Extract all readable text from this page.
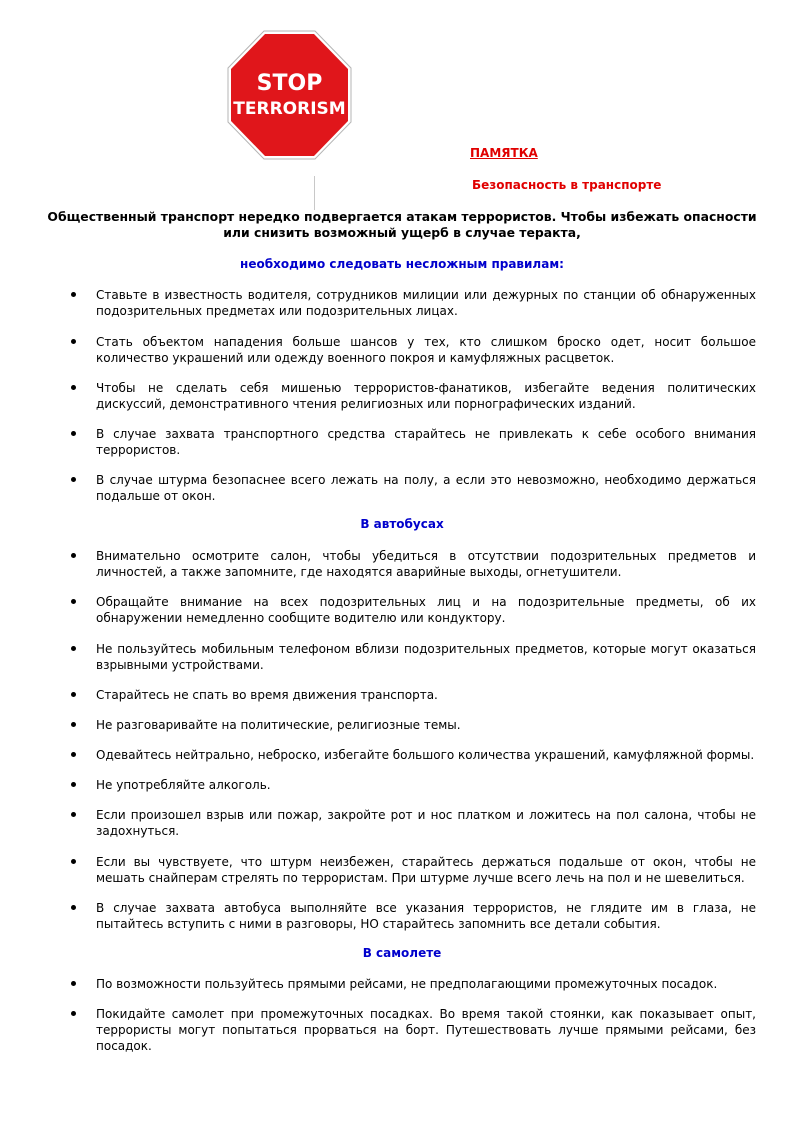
STOP
TERRORISM
ПАМЯТКА
Безопасность в транспорте
Общественный транспорт нередко подвергается атакам террористов. Чтобы избежать опасности или снизить возможный ущерб в случае теракта,
необходимо следовать несложным правилам:
Ставьте в известность водителя, сотрудников милиции или дежурных по станции об обнаруженных подозрительных предметах или подозрительных лицах.
Стать объектом нападения больше шансов у тех, кто слишком броско одет, носит большое количество украшений или одежду военного покроя и камуфляжных расцветок.
Чтобы не сделать себя мишенью террористов-фанатиков, избегайте ведения политических дискуссий, демонстративного чтения религиозных или порнографических изданий.
В случае захвата транспортного средства старайтесь не привлекать к себе особого внимания террористов.
В случае штурма безопаснее всего лежать на полу, а если это невозможно, необходимо держаться подальше от окон.
В автобусах
Внимательно осмотрите салон, чтобы убедиться в отсутствии подозрительных предметов и личностей, а также запомните, где находятся аварийные выходы, огнетушители.
Обращайте внимание на всех подозрительных лиц и на подозрительные предметы, об их обнаружении немедленно сообщите водителю или кондуктору.
Не пользуйтесь мобильным телефоном вблизи подозрительных предметов, которые могут оказаться взрывными устройствами.
Старайтесь не спать во время движения транспорта.
Не разговаривайте на политические, религиозные темы.
Одевайтесь нейтрально, неброско, избегайте большого количества украшений, камуфляжной формы.
Не употребляйте алкоголь.
Если произошел взрыв или пожар, закройте рот и нос платком и ложитесь на пол салона, чтобы не задохнуться.
Если вы чувствуете, что штурм неизбежен, старайтесь держаться подальше от окон, чтобы не мешать снайперам стрелять по террористам. При штурме лучше всего лечь на пол и не шевелиться.
В случае захвата автобуса выполняйте все указания террористов, не глядите им в глаза, не пытайтесь вступить с ними в разговоры, НО старайтесь запомнить все детали события.
В самолете
По возможности пользуйтесь прямыми рейсами, не предполагающими промежуточных посадок.
Покидайте самолет при промежуточных посадках. Во время такой стоянки, как показывает опыт, террористы могут попытаться прорваться на борт. Путешествовать лучше прямыми рейсами, без посадок.
